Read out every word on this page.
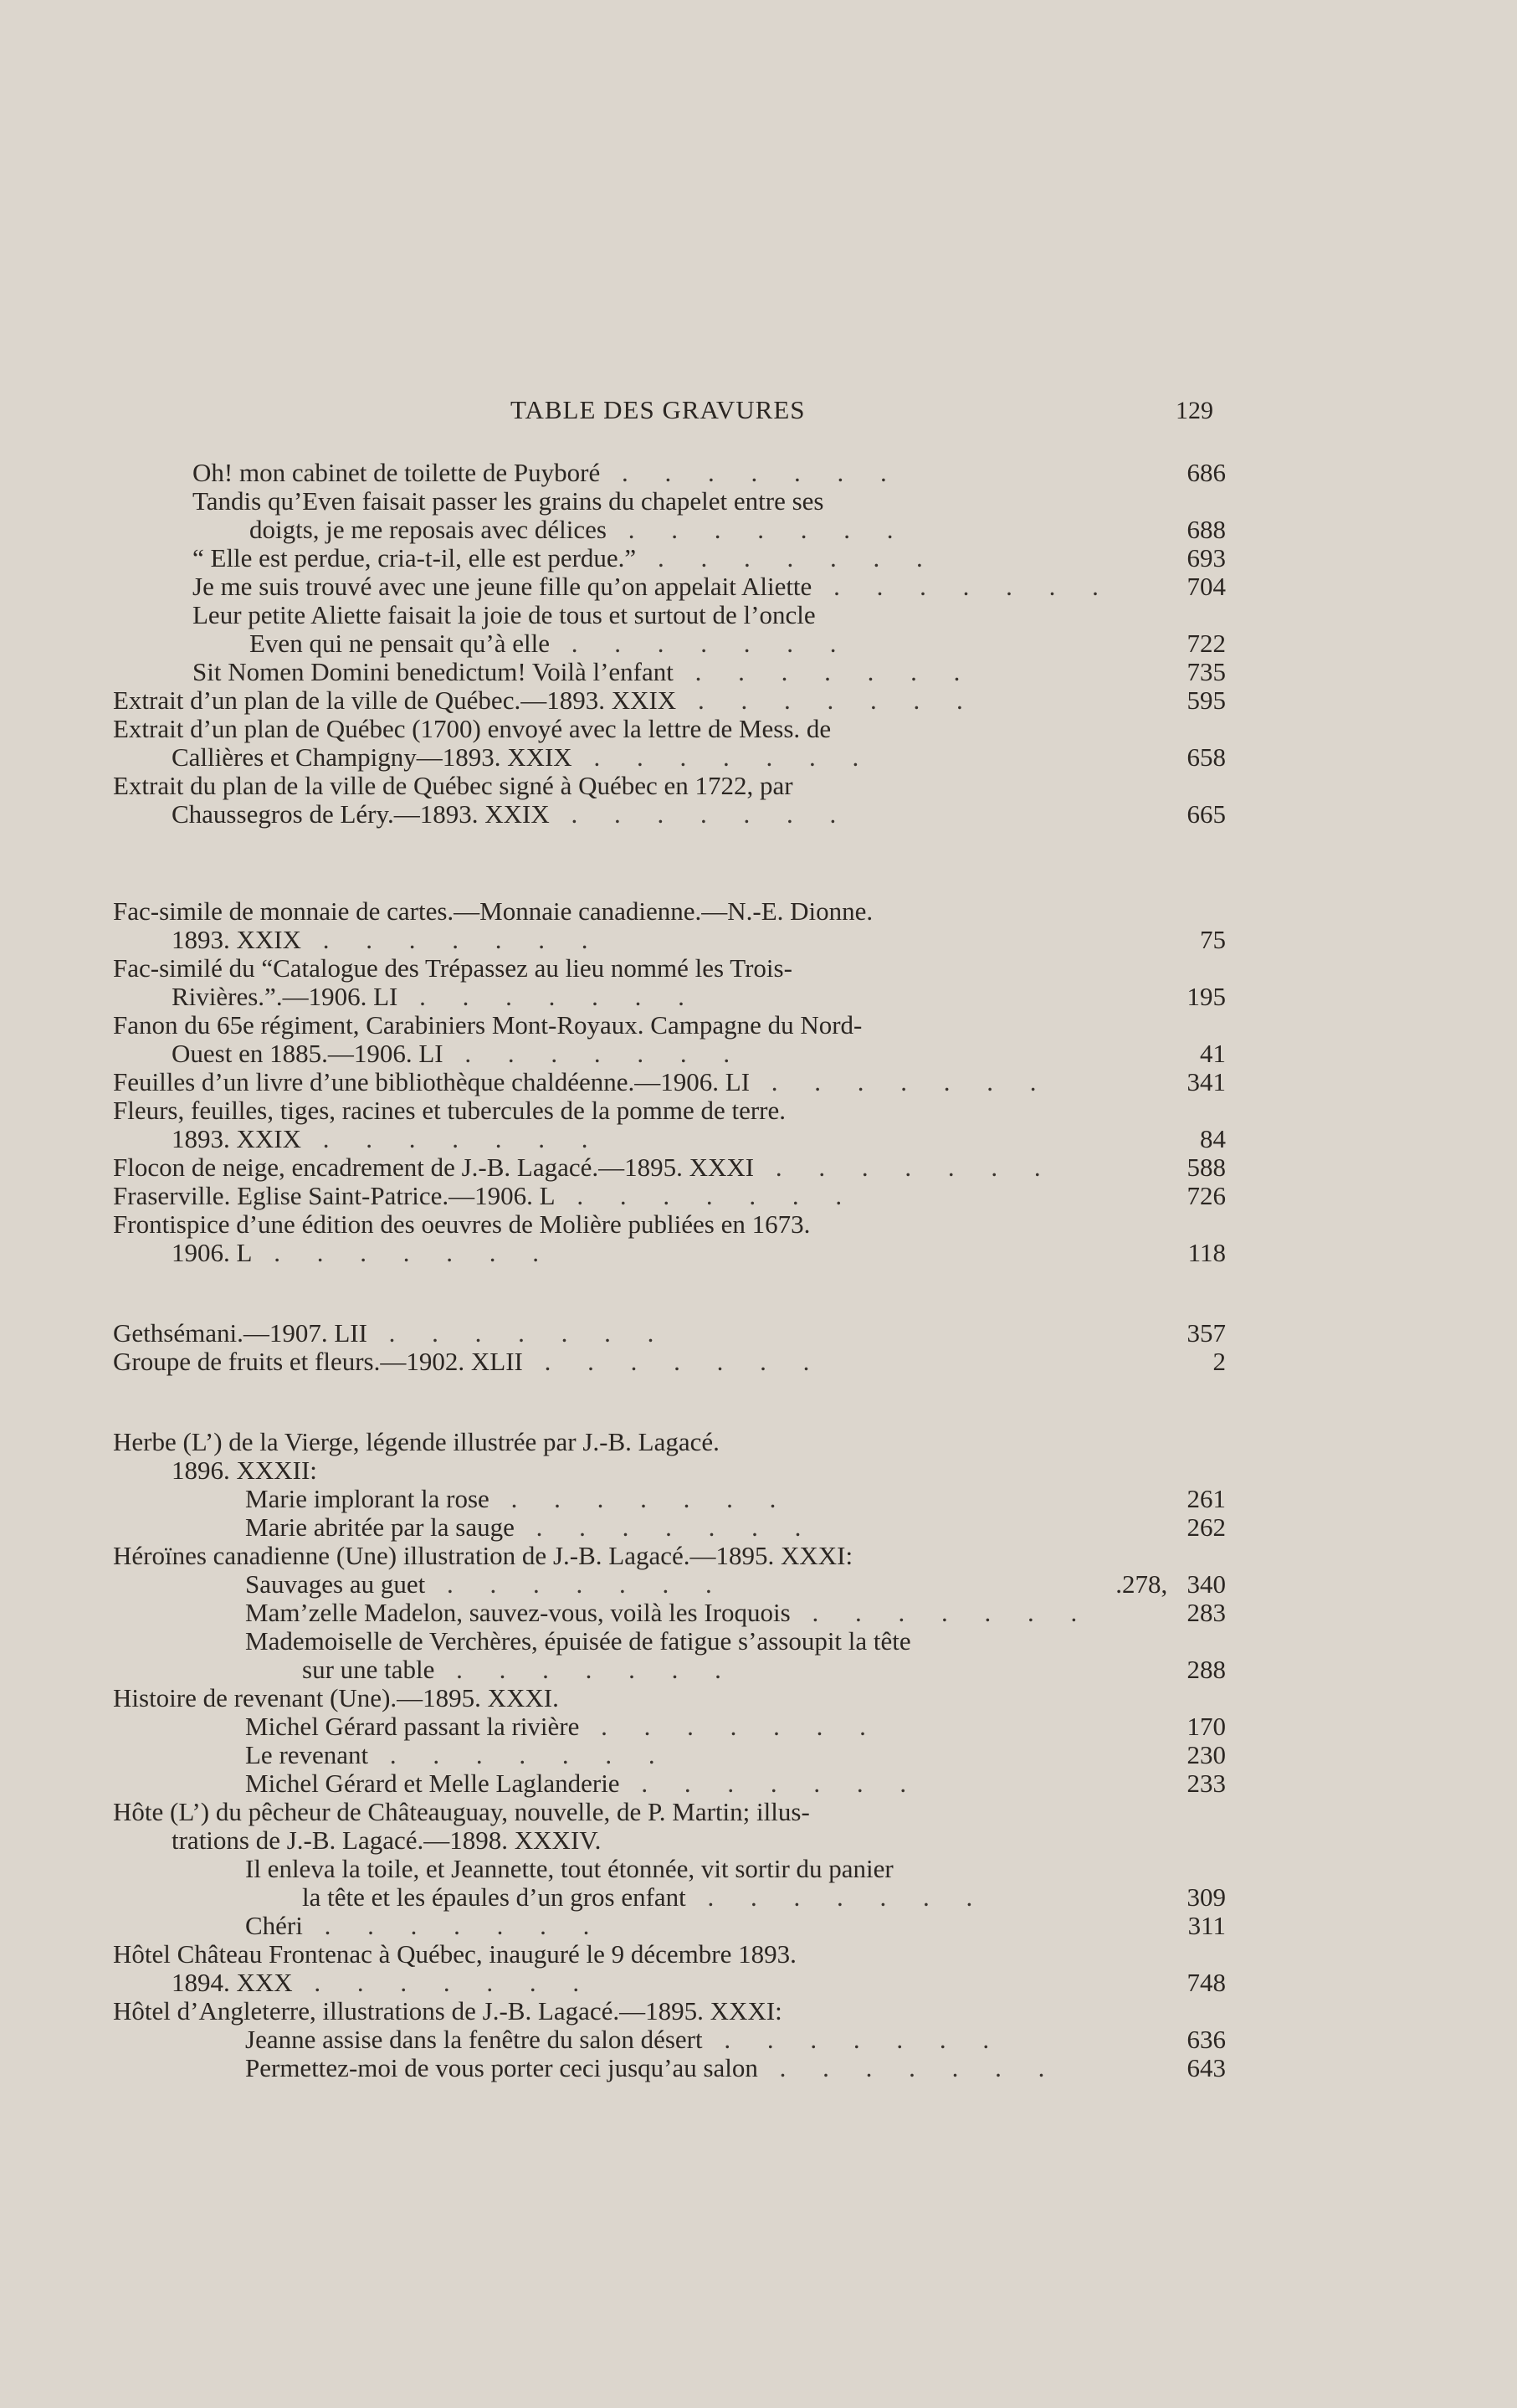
TABLE DES GRAVURES	129
Oh! mon cabinet de toilette de Puyboré . . . . . . .	686
Tandis qu’Even faisait passer les grains du chapelet entre ses
doigts, je me reposais avec délices . . . . . . .	688
“ Elle est perdue, cria-t-il, elle est perdue.” . . . . . . .	693
Je me suis trouvé avec une jeune fille qu’on appelait Aliette . . . . . . .	704
Leur petite Aliette faisait la joie de tous et surtout de l’oncle
Even qui ne pensait qu’à elle . . . . . . .	722
Sit Nomen Domini benedictum! Voilà l’enfant . . . . . . .	735
Extrait d’un plan de la ville de Québec.—1893. XXIX . . . . . . .	595
Extrait d’un plan de Québec (1700) envoyé avec la lettre de Mess. de
Callières et Champigny—1893. XXIX . . . . . . .	658
Extrait du plan de la ville de Québec signé à Québec en 1722, par
Chaussegros de Léry.—1893. XXIX . . . . . . .	665
Fac-simile de monnaie de cartes.—Monnaie canadienne.—N.-E. Dionne.
1893. XXIX . . . . . . .	75
Fac-similé du “Catalogue des Trépassez au lieu nommé les Trois-
Rivières.”.—1906. LI . . . . . . .	195
Fanon du 65e régiment, Carabiniers Mont-Royaux. Campagne du Nord-
Ouest en 1885.—1906. LI . . . . . . .	41
Feuilles d’un livre d’une bibliothèque chaldéenne.—1906. LI . . . . . . .	341
Fleurs, feuilles, tiges, racines et tubercules de la pomme de terre.
1893. XXIX . . . . . . .	84
Flocon de neige, encadrement de J.-B. Lagacé.—1895. XXXI . . . . . . .	588
Fraserville. Eglise Saint-Patrice.—1906. L . . . . . . .	726
Frontispice d’une édition des oeuvres de Molière publiées en 1673.
1906. L . . . . . . .	118
Gethsémani.—1907. LII . . . . . . .	357
Groupe de fruits et fleurs.—1902. XLII . . . . . . .	2
Herbe (L’) de la Vierge, légende illustrée par J.-B. Lagacé.
1896. XXXII:
Marie implorant la rose . . . . . . .	261
Marie abritée par la sauge . . . . . . .	262
Héroïnes canadienne (Une) illustration de J.-B. Lagacé.—1895. XXXI:
Sauvages au guet . . . . . . .	.278,   340
Mam’zelle Madelon, sauvez-vous, voilà les Iroquois . . . . . . .	283
Mademoiselle de Verchères, épuisée de fatigue s’assoupit la tête
sur une table . . . . . . .	288
Histoire de revenant (Une).—1895. XXXI.
Michel Gérard passant la rivière . . . . . . .	170
Le revenant . . . . . . .	230
Michel Gérard et Melle Laglanderie . . . . . . .	233
Hôte (L’) du pêcheur de Châteauguay, nouvelle, de P. Martin; illus-
trations de J.-B. Lagacé.—1898. XXXIV.
Il enleva la toile, et Jeannette, tout étonnée, vit sortir du panier
la tête et les épaules d’un gros enfant . . . . . . .	309
Chéri . . . . . . .	311
Hôtel Château Frontenac à Québec, inauguré le 9 décembre 1893.
1894. XXX . . . . . . .	748
Hôtel d’Angleterre, illustrations de J.-B. Lagacé.—1895. XXXI:
Jeanne assise dans la fenêtre du salon désert . . . . . . .	636
Permettez-moi de vous porter ceci jusqu’au salon . . . . . . .	643
